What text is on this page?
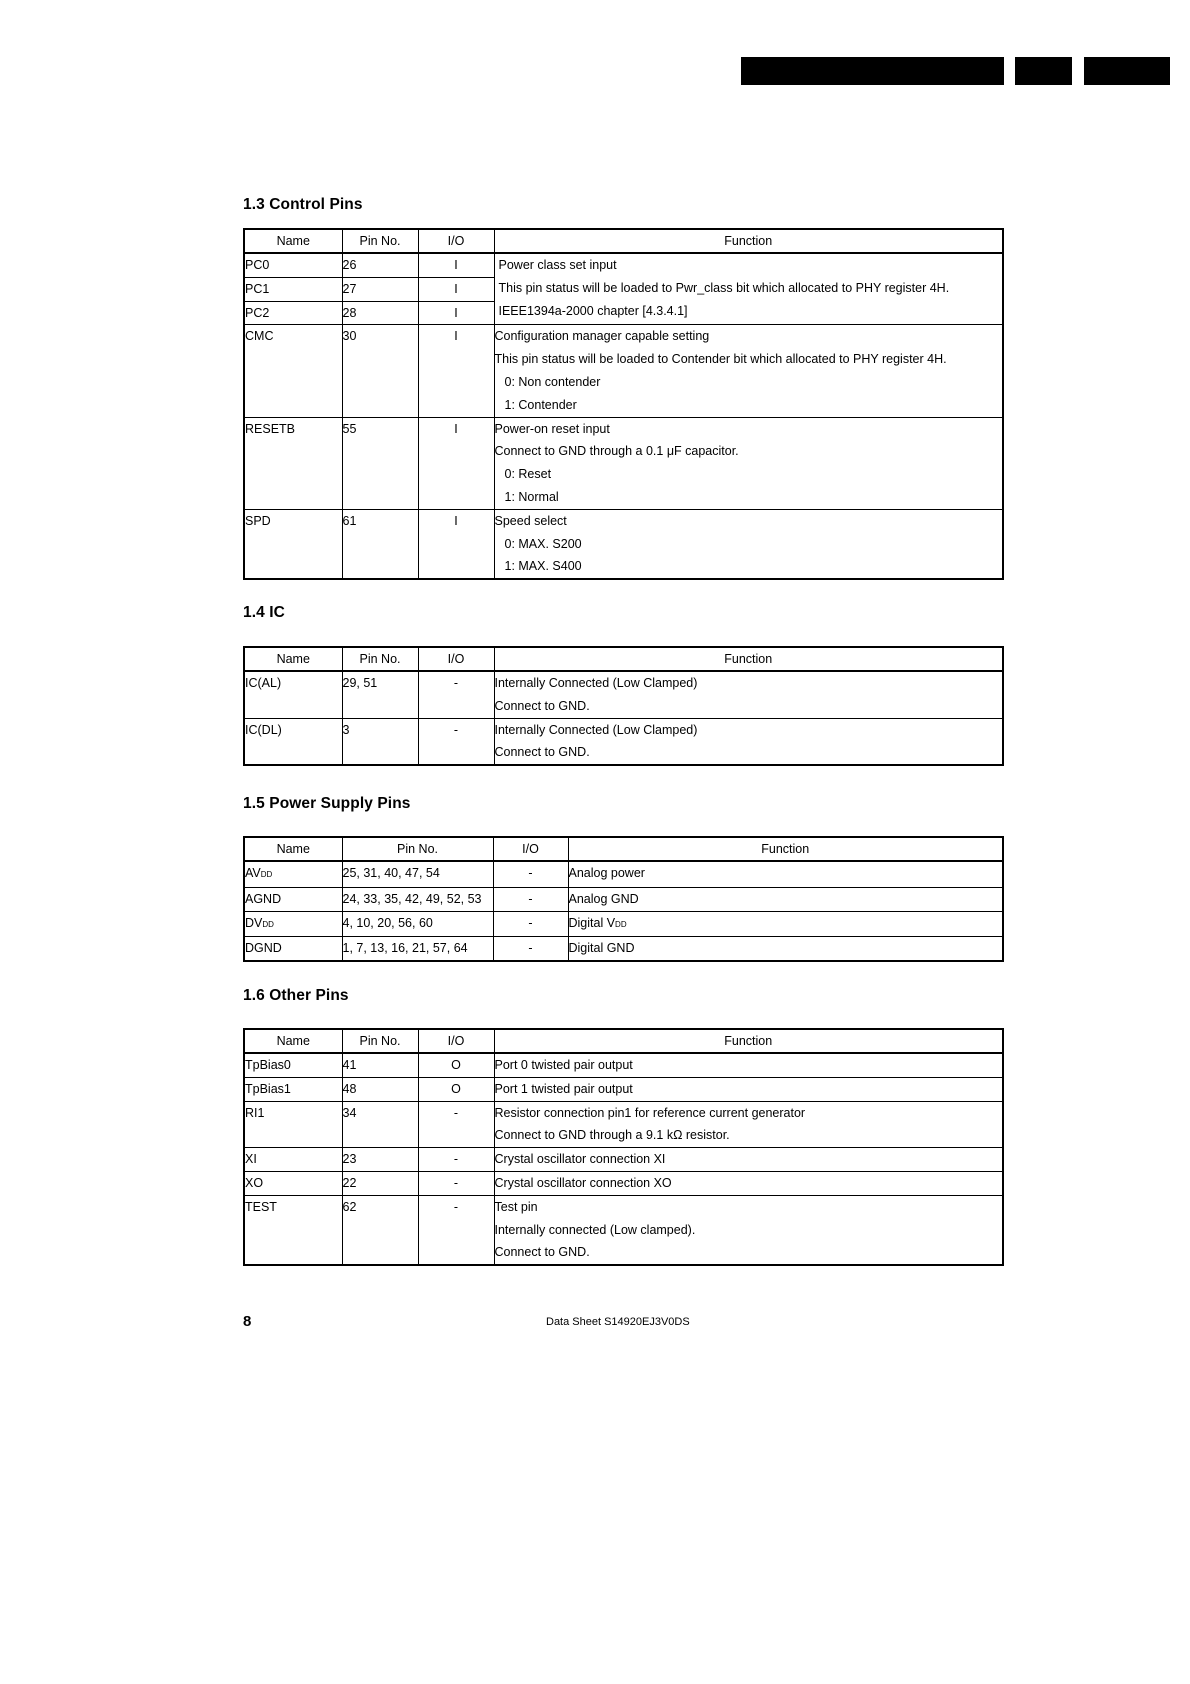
1.3 Control Pins
Name	Pin No.	I/O	Function
PC0	26	I	Power class set input
This pin status will be loaded to Pwr_class bit which allocated to PHY register 4H.
IEEE1394a-2000 chapter [4.3.4.1]

PC1	27	I	
PC2	28	I	

CMC	30	I	Configuration manager capable setting
This pin status will be loaded to Contender bit which allocated to PHY register 4H.
0: Non contender
1: Contender

RESETB	55	I	Power-on reset input
Connect to GND through a 0.1 μF capacitor.
0: Reset
1: Normal

SPD	61	I	Speed select
0: MAX. S200
1: MAX. S400
1.4 IC
Name	Pin No.	I/O	Function

IC(AL)	29, 51	-	Internally Connected (Low Clamped)
Connect to GND.

IC(DL)	3	-	Internally Connected (Low Clamped)
Connect to GND.
1.5 Power Supply Pins
Name	Pin No.	I/O	Function
AVDD	25, 31, 40, 47, 54	-	Analog power
AGND	24, 33, 35, 42, 49, 52, 53	-	Analog GND
DVDD	4, 10, 20, 56, 60	-	Digital VDD
DGND	1, 7, 13, 16, 21, 57, 64	-	Digital GND
1.6 Other Pins
Name	Pin No.	I/O	Function

TpBias0	41	O	Port 0 twisted pair output

TpBias1	48	O	Port 1 twisted pair output

RI1	34	-	Resistor connection pin1 for reference current generator
Connect to GND through a 9.1 kΩ resistor.

XI	23	-	Crystal oscillator connection XI

XO	22	-	Crystal oscillator connection XO

TEST	62	-	Test pin
Internally connected (Low clamped).
Connect to GND.
8	Data Sheet S14920EJ3V0DS
